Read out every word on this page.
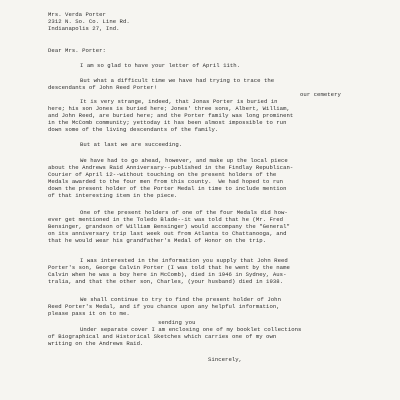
Mrs. Verda Porter
2312 N. So. Co. Line Rd.
Indianapolis 27, Ind.
Dear Mrs. Porter:
I am so glad to have your letter of April 11th.
But what a difficult time we have had trying to trace the
descendants of John Reed Porter!
our cemetery
It is very strange, indeed, that Jonas Porter is buried in
here; his son Jones is buried here; Jones' three sons, Albert, William,
and John Reed, are buried here; and the Porter family was long prominent
in the McComb community; yettoday it has been almost impossible to run
down some of the living descendants of the family.
But at last we are succeeding.
We have had to go ahead, however, and make up the local piece
about the Andrews Raid Anniversary--published in the Findlay Republican-
Courier of April 12--without touching on the present holders of the
Medals awarded to the four men from this county.  We had hoped to run
down the present holder of the Porter Medal in time to include mention
of that interesting item in the piece.
One of the present holders of one of the four Medals did how-
ever get mentioned in the Toledo Blade--it was told that he (Mr. Fred
Bensinger, grandson of William Bensinger) would accompany the "General"
on its anniversary trip last week out from Atlanta to Chattanooga, and
that he would wear his grandfather's Medal of Honor on the trip.
I was interested in the information you supply that John Reed
Porter's son, George Calvin Porter (I was told that he went by the name
Calvin when he was a boy here in McComb), died in 1946 in Sydney, Aus-
tralia, and that the other son, Charles, (your husband) died in 1938.
We shall continue to try to find the present holder of John
Reed Porter's Medal, and if you chance upon any helpful information,
please pass it on to me.
sending you
Under separate cover I am enclosing one of my booklet collections
of Biographical and Historical Sketches which carries one of my own
writing on the Andrews Raid.
Sincerely,
